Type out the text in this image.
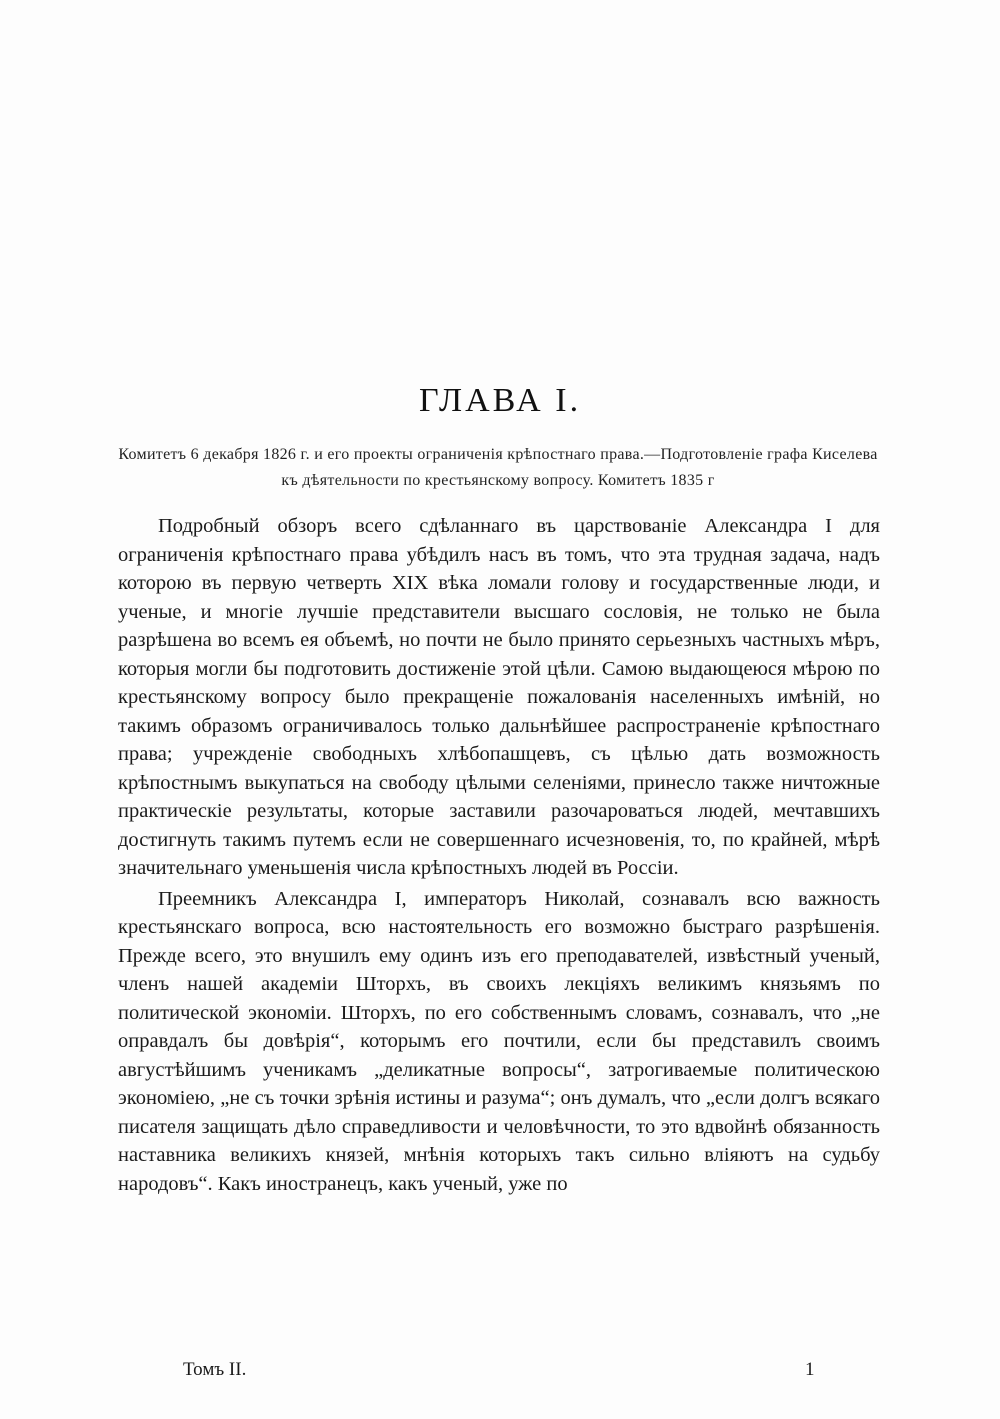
ГЛАВА I.
Комитетъ 6 декабря 1826 г. и его проекты ограниченія крѣпостнаго права.—Подготовленіе графа Киселева къ дѣятельности по крестьянскому вопросу. Комитетъ 1835 г

Подробный обзоръ всего сдѣланнаго въ царствованіе Александра I для ограниченія крѣпостнаго права убѣдилъ насъ въ томъ, что эта трудная задача, надъ которою въ первую четверть XIX вѣка ломали голову и государственные люди, и ученые, и многіе лучшіе представители высшаго сословія, не только не была разрѣшена во всемъ ея объемѣ, но почти не было принято серьезныхъ частныхъ мѣръ, которыя могли бы подготовить достиженіе этой цѣли. Самою выдающеюся мѣрою по крестьянскому вопросу было прекращеніе пожалованія населенныхъ имѣній, но такимъ образомъ ограничивалось только дальнѣйшее распространеніе крѣпостнаго права; учрежденіе свободныхъ хлѣбопашцевъ, съ цѣлью дать возможность крѣпостнымъ выкупаться на свободу цѣлыми селеніями, принесло также ничтожные практическіе результаты, которые заставили разочароваться людей, мечтавшихъ достигнуть такимъ путемъ если не совершеннаго исчезновенія, то, по крайней, мѣрѣ значительнаго уменьшенія числа крѣпостныхъ людей въ Россіи.

Преемникъ Александра I, императоръ Николай, сознавалъ всю важность крестьянскаго вопроса, всю настоятельность его возможно быстраго разрѣшенія. Прежде всего, это внушилъ ему одинъ изъ его преподавателей, извѣстный ученый, членъ нашей академіи Шторхъ, въ своихъ лекціяхъ великимъ князьямъ по политической экономіи. Шторхъ, по его собственнымъ словамъ, сознавалъ, что „не оправдалъ бы довѣрія“, которымъ его почтили, если бы представилъ своимъ августѣйшимъ ученикамъ „деликатные вопросы“, затрогиваемые политическою экономіею, „не съ точки зрѣнія истины и разума“; онъ думалъ, что „если долгъ всякаго писателя защищать дѣло справедливости и человѣчности, то это вдвойнѣ обязанность наставника великихъ князей, мнѣнія которыхъ такъ сильно вліяютъ на судьбу народовъ“. Какъ иностранецъ, какъ ученый, уже по

Томъ II.	1
